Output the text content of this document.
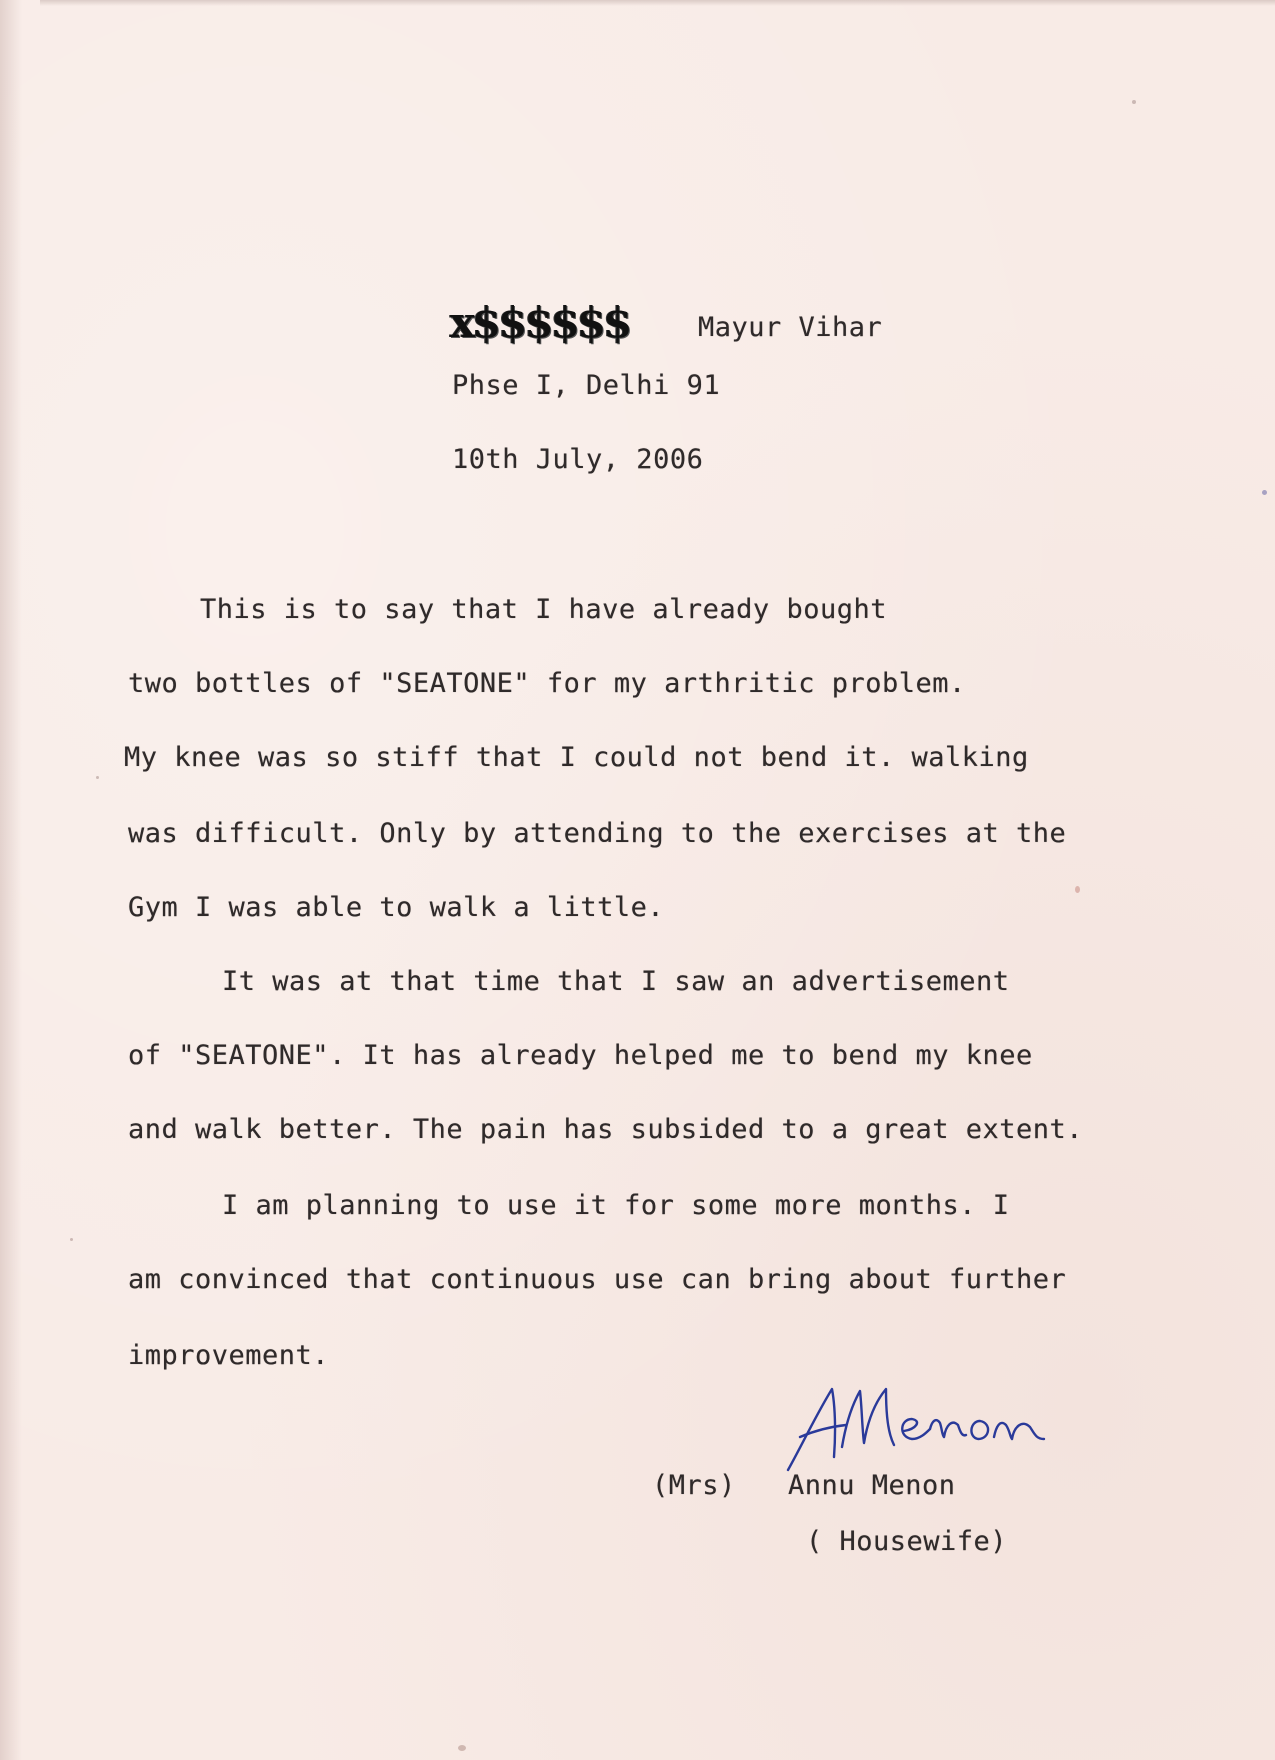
x$$$$$$	Mayur Vihar
Phse I, Delhi 91
10th July, 2006
This is to say that I have already bought
two bottles of "SEATONE" for my arthritic problem.
My knee was so stiff that I could not bend it. walking
was difficult. Only by attending to the exercises at the
Gym I was able to walk a little.
It was at that time that I saw an advertisement
of "SEATONE". It has already helped me to bend my knee
and walk better. The pain has subsided to a great extent.
I am planning to use it for some more months. I
am convinced that continuous use can bring about further
improvement.
(Mrs) Annu Menon
( Housewife)
